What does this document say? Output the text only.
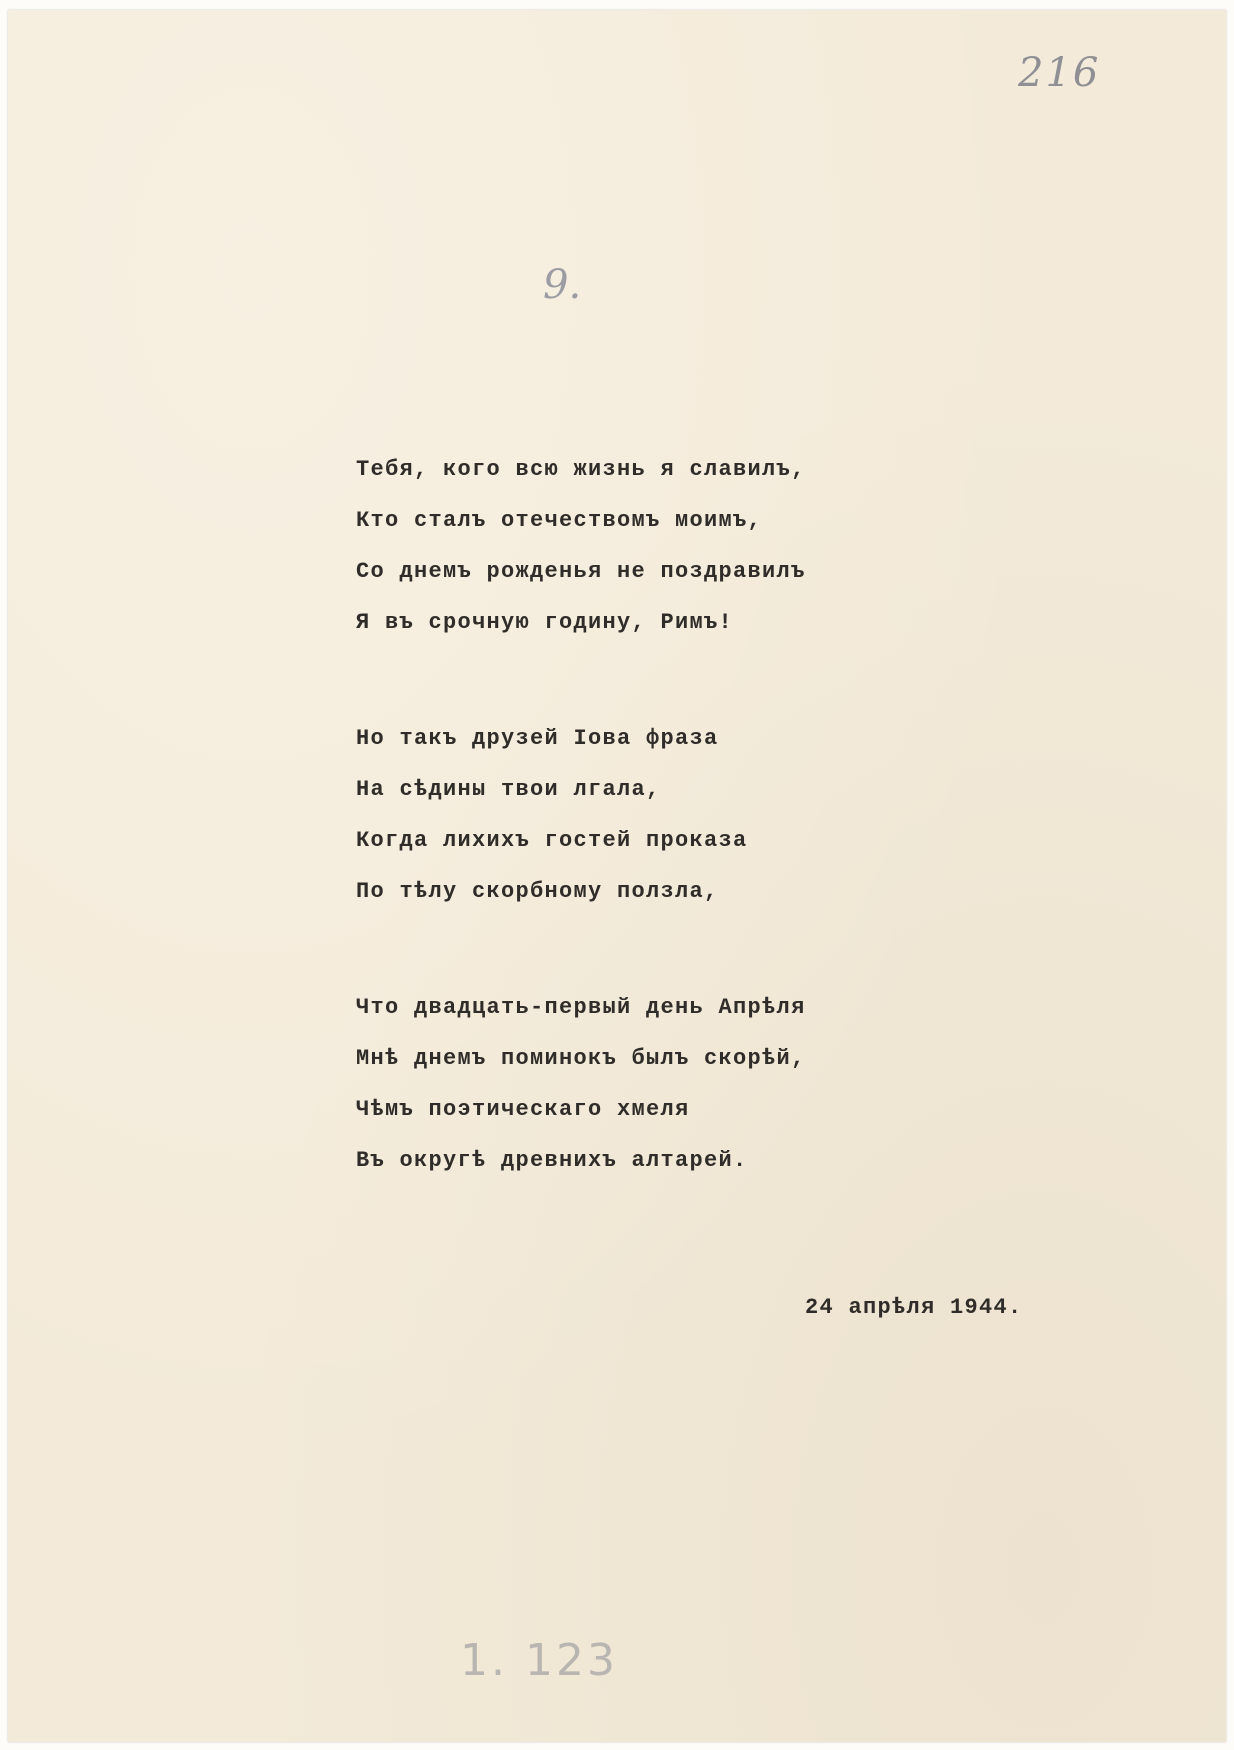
216
9.
Тебя, кого всю жизнь я славилъ,
Кто сталъ отечествомъ моимъ,
Со днемъ рожденья не поздравилъ
Я въ срочную годину, Римъ!
Но такъ друзей Іова фраза
На сѣдины твои лгала,
Когда лихихъ гостей проказа
По тѣлу скорбному ползла,
Что двадцать-первый день Апрѣля
Мнѣ днемъ поминокъ былъ скорѣй,
Чѣмъ поэтическаго хмеля
Въ округѣ древнихъ алтарей.
24 апрѣля 1944.
1. 123
